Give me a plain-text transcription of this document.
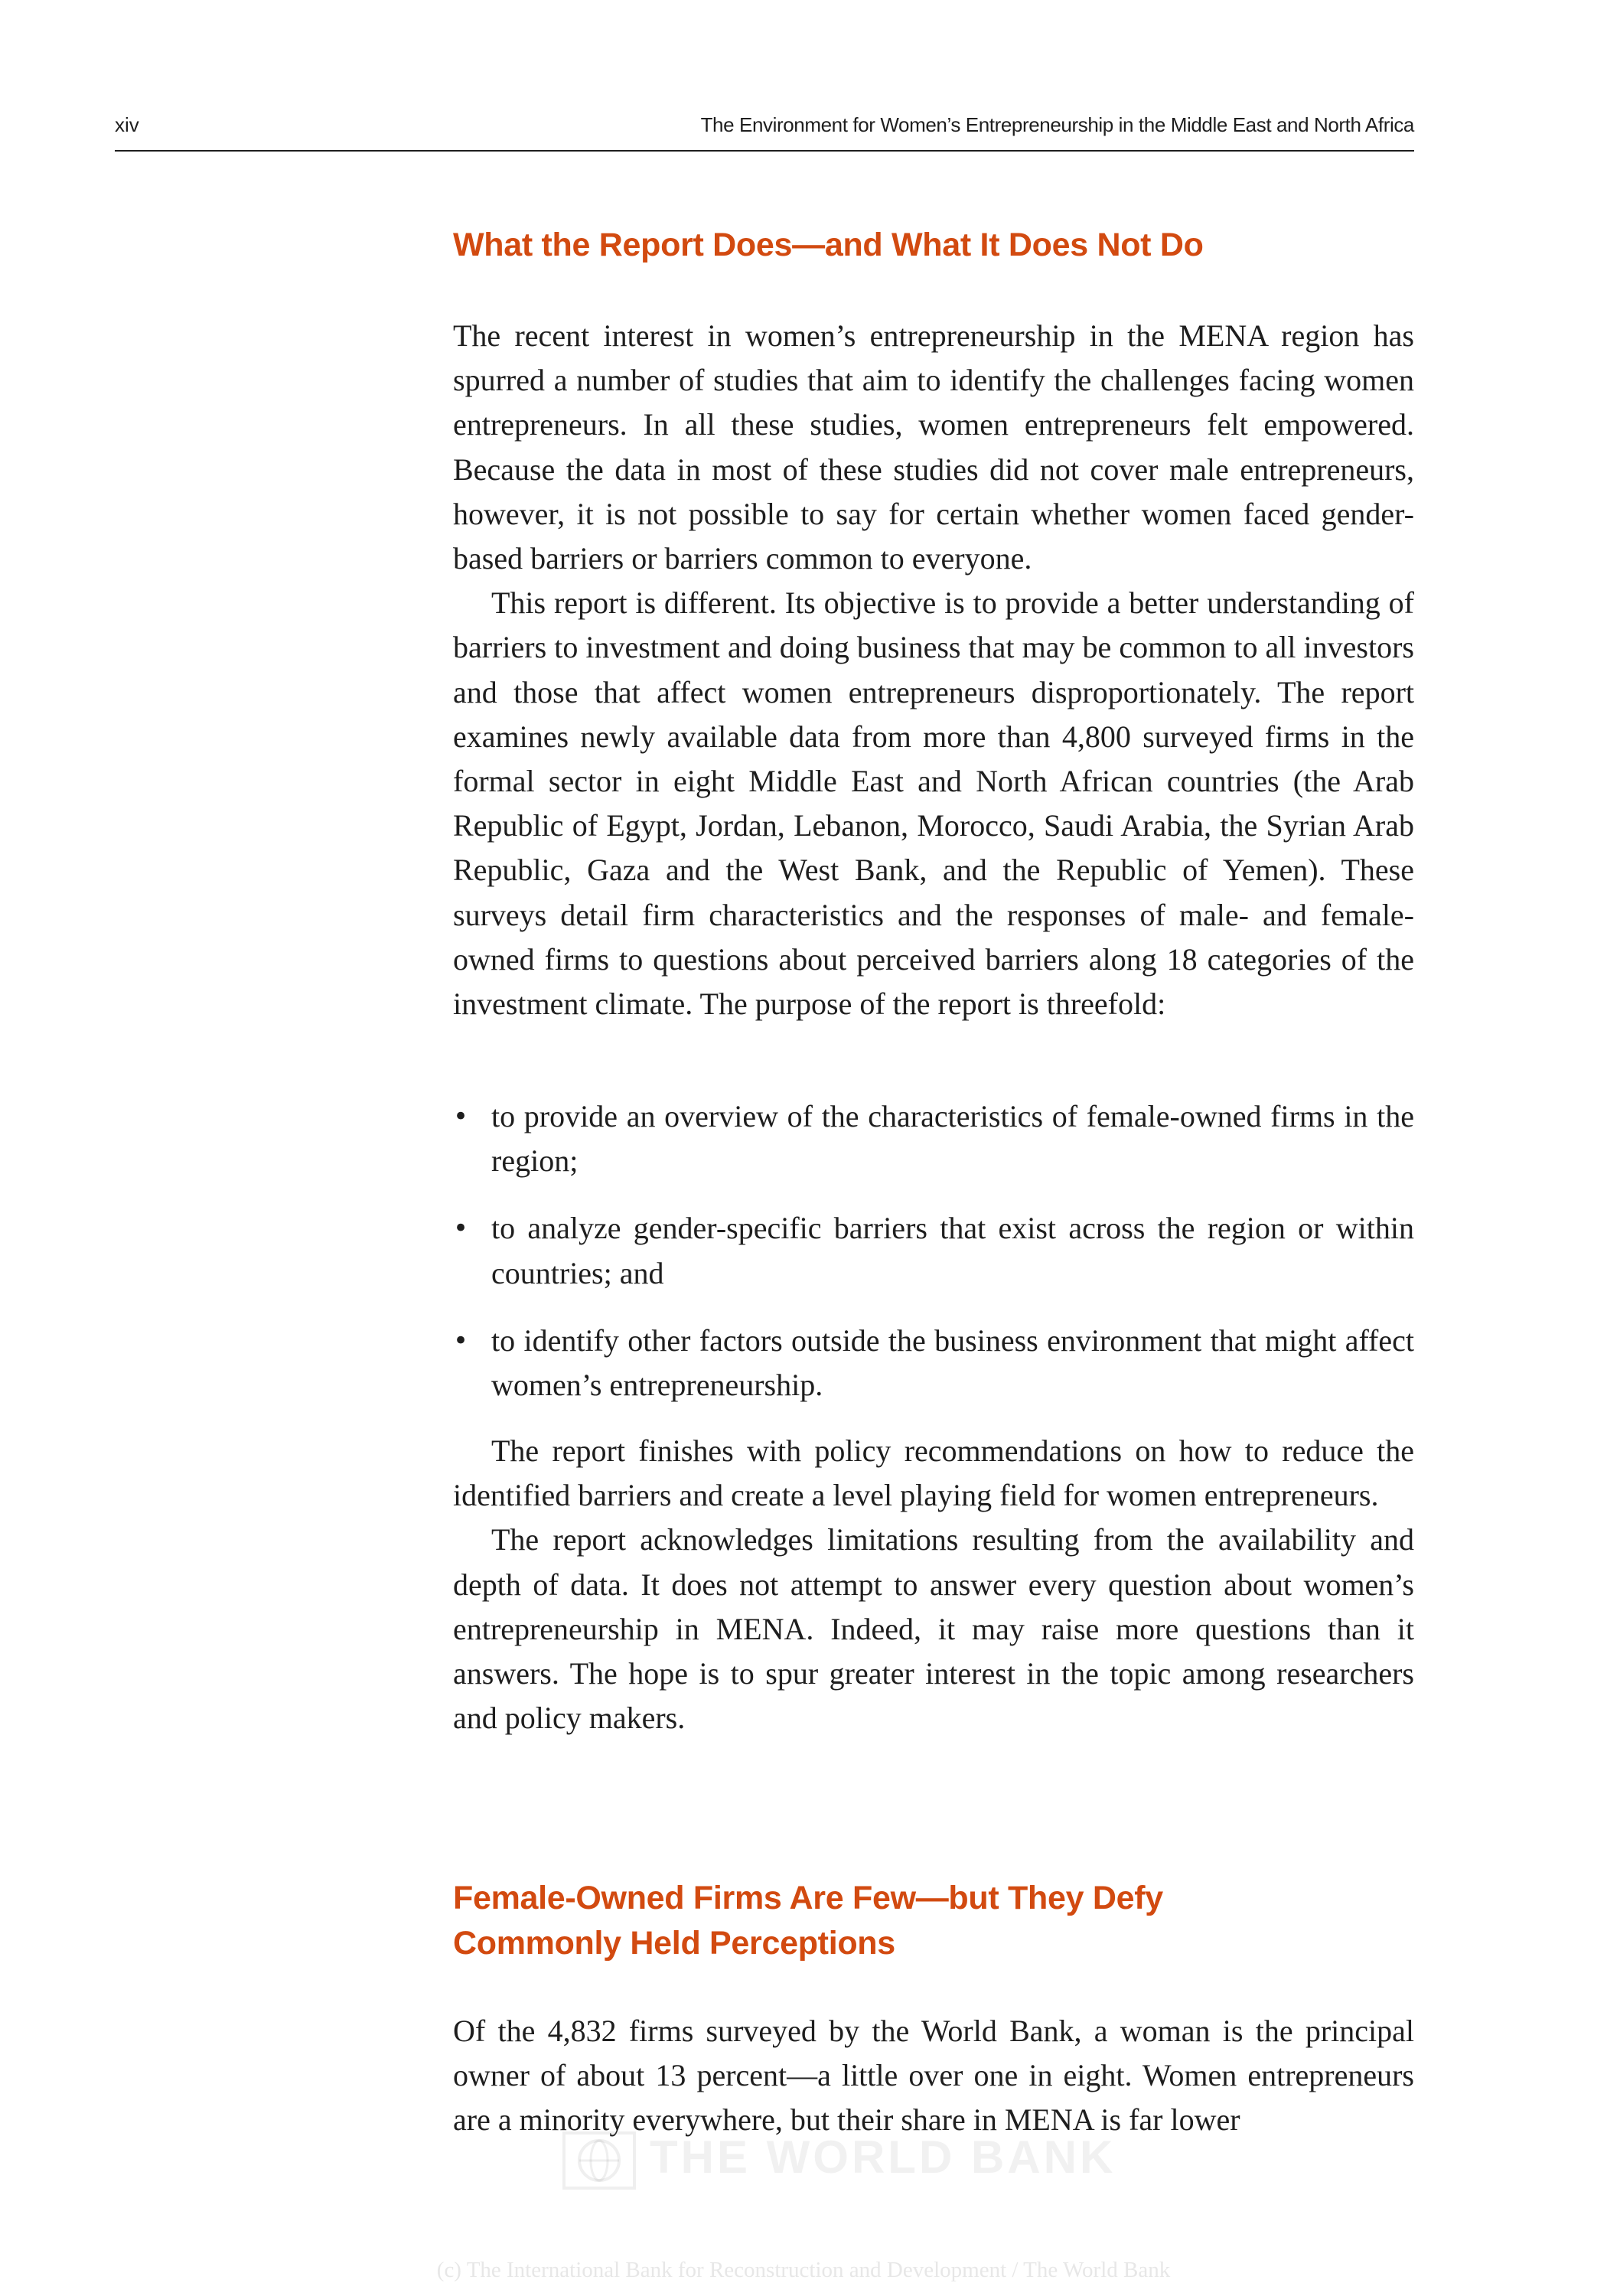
xiv	The Environment for Women’s Entrepreneurship in the Middle East and North Africa
What the Report Does—and What It Does Not Do

The recent interest in women’s entrepreneurship in the MENA region has spurred a number of studies that aim to identify the challenges facing women entrepreneurs. In all these studies, women entrepreneurs felt empowered. Because the data in most of these studies did not cover male entrepreneurs, however, it is not possible to say for certain whether women faced gender-based barriers or barriers common to everyone.

This report is different. Its objective is to provide a better understanding of barriers to investment and doing business that may be common to all investors and those that affect women entrepreneurs disproportionately. The report examines newly available data from more than 4,800 surveyed firms in the formal sector in eight Middle East and North African countries (the Arab Republic of Egypt, Jordan, Lebanon, Morocco, Saudi Arabia, the Syrian Arab Republic, Gaza and the West Bank, and the Republic of Yemen). These surveys detail firm characteristics and the responses of male- and female-owned firms to questions about perceived barriers along 18 categories of the investment climate. The purpose of the report is threefold:

• to provide an overview of the characteristics of female-owned firms in the region;
• to analyze gender-specific barriers that exist across the region or within countries; and
• to identify other factors outside the business environment that might affect women’s entrepreneurship.

The report finishes with policy recommendations on how to reduce the identified barriers and create a level playing field for women entrepreneurs.

The report acknowledges limitations resulting from the availability and depth of data. It does not attempt to answer every question about women’s entrepreneurship in MENA. Indeed, it may raise more questions than it answers. The hope is to spur greater interest in the topic among researchers and policy makers.

Female-Owned Firms Are Few—but They Defy
Commonly Held Perceptions

Of the 4,832 firms surveyed by the World Bank, a woman is the principal owner of about 13 percent—a little over one in eight. Women entrepreneurs are a minority everywhere, but their share in MENA is far lower

THE WORLD BANK
(c) The International Bank for Reconstruction and Development / The World Bank
